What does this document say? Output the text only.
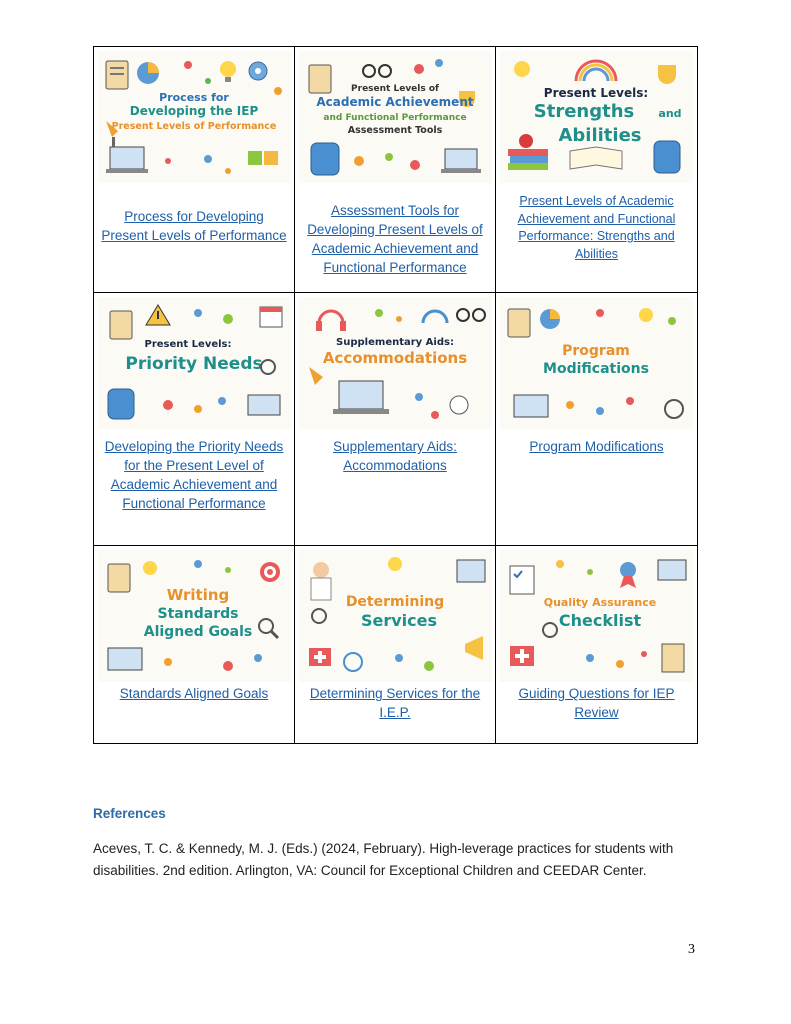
Process for
Developing the IEP
Present Levels of Performance
Process for Developing Present Levels of Performance
Present Levels of
Academic Achievement
and Functional Performance
Assessment Tools
Assessment Tools for Developing Present Levels of Academic Achievement and Functional Performance
Present Levels:
Strengths and
Abilities
Present Levels of Academic Achievement and Functional Performance: Strengths and Abilities
Present Levels:
Priority Needs
Developing the Priority Needs for the Present Level of Academic Achievement and Functional Performance
Supplementary Aids:
Accommodations
Supplementary Aids: Accommodations
Program
Modifications
Program Modifications
Writing
Standards
Aligned Goals
Standards Aligned Goals
Determining
Services
Determining Services for the I.E.P.
Quality Assurance
Checklist
Guiding Questions for IEP Review
References
Aceves, T. C. & Kennedy, M. J. (Eds.) (2024, February). High-leverage practices for students with disabilities. 2nd edition. Arlington, VA: Council for Exceptional Children and CEEDAR Center.
3
